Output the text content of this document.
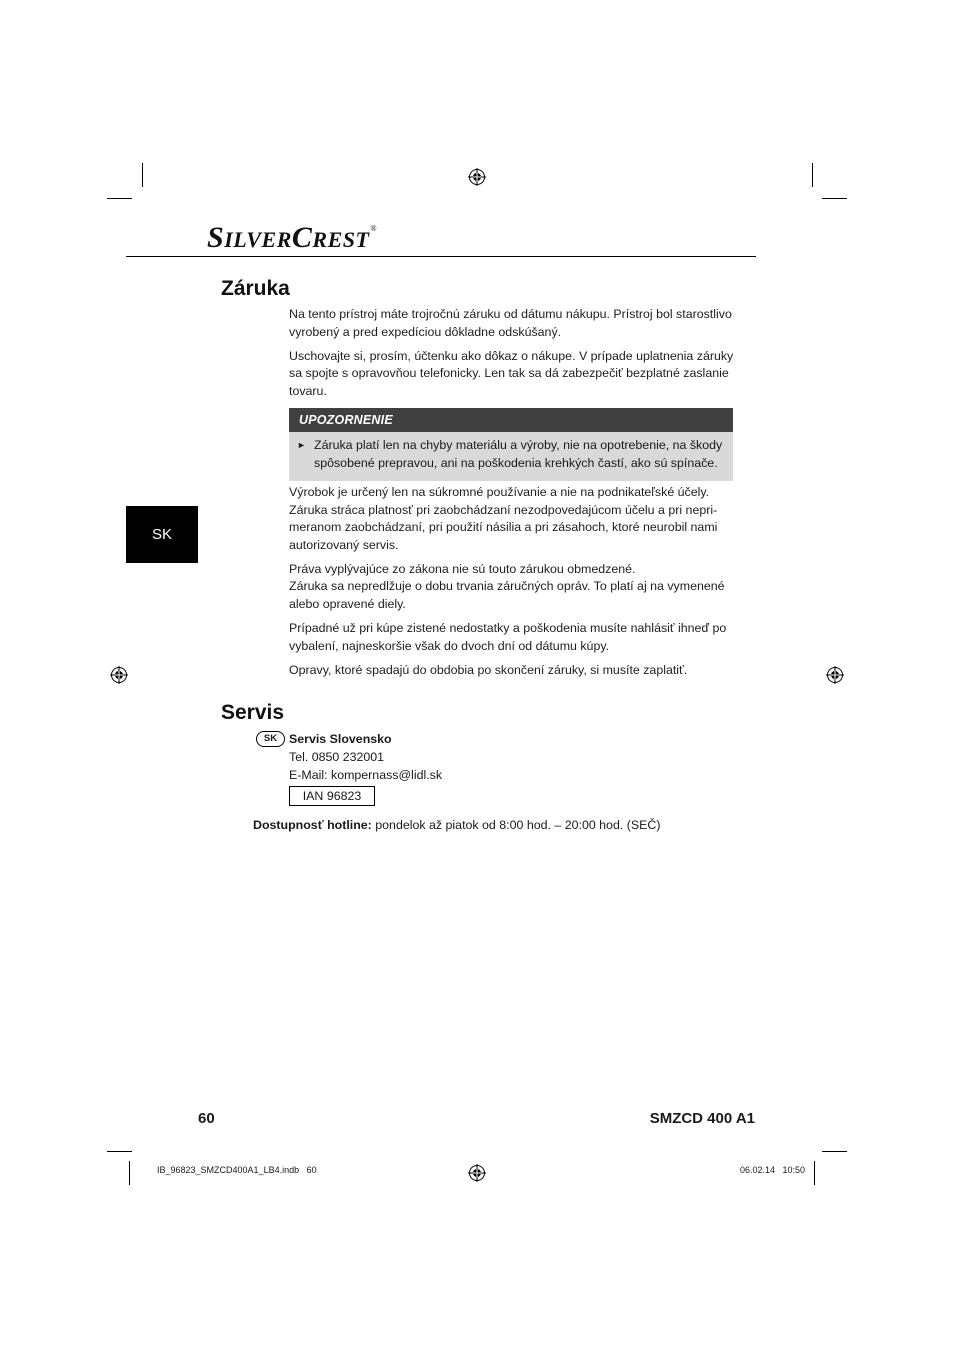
SILVERCREST®
Záruka

Na tento prístroj máte trojročnú záruku od dátumu nákupu. Prístroj bol starostlivo vyrobený a pred expedíciou dôkladne odskúšaný.

Uschovajte si, prosím, účtenku ako dôkaz o nákupe. V prípade uplatnenia záruky sa spojte s opravovňou telefonicky. Len tak sa dá zabezpečiť bezplatné zaslanie tovaru.

UPOZORNENIE
► Záruka platí len na chyby materiálu a výroby, nie na opotrebenie, na škody spôsobené prepravou, ani na poškodenia krehkých častí, ako sú spínače.

Výrobok je určený len na súkromné používanie a nie na podnikateľské účely. Záruka stráca platnosť pri zaobchádzaní nezodpovedajúcom účelu a pri nepri-meranom zaobchádzaní, pri použití násilia a pri zásahoch, ktoré neurobil nami autorizovaný servis.

Práva vyplývajúce zo zákona nie sú touto zárukou obmedzené.

Záruka sa nepredlžuje o dobu trvania záručných opráv. To platí aj na vymenené alebo opravené diely.

Prípadné už pri kúpe zistené nedostatky a poškodenia musíte nahlásiť ihneď po vybalení, najneskoršie však do dvoch dní od dátumu kúpy.

Opravy, ktoré spadajú do obdobia po skončení záruky, si musíte zaplatiť.

SK
Servis
SK Servis Slovensko
Tel. 0850 232001
E-Mail: kompernass@lidl.sk
IAN 96823
Dostupnosť hotline: pondelok až piatok od 8:00 hod. – 20:00 hod. (SEČ)
60	SMZCD 400 A1
IB_96823_SMZCD400A1_LB4.indb   60	06.02.14   10:50
